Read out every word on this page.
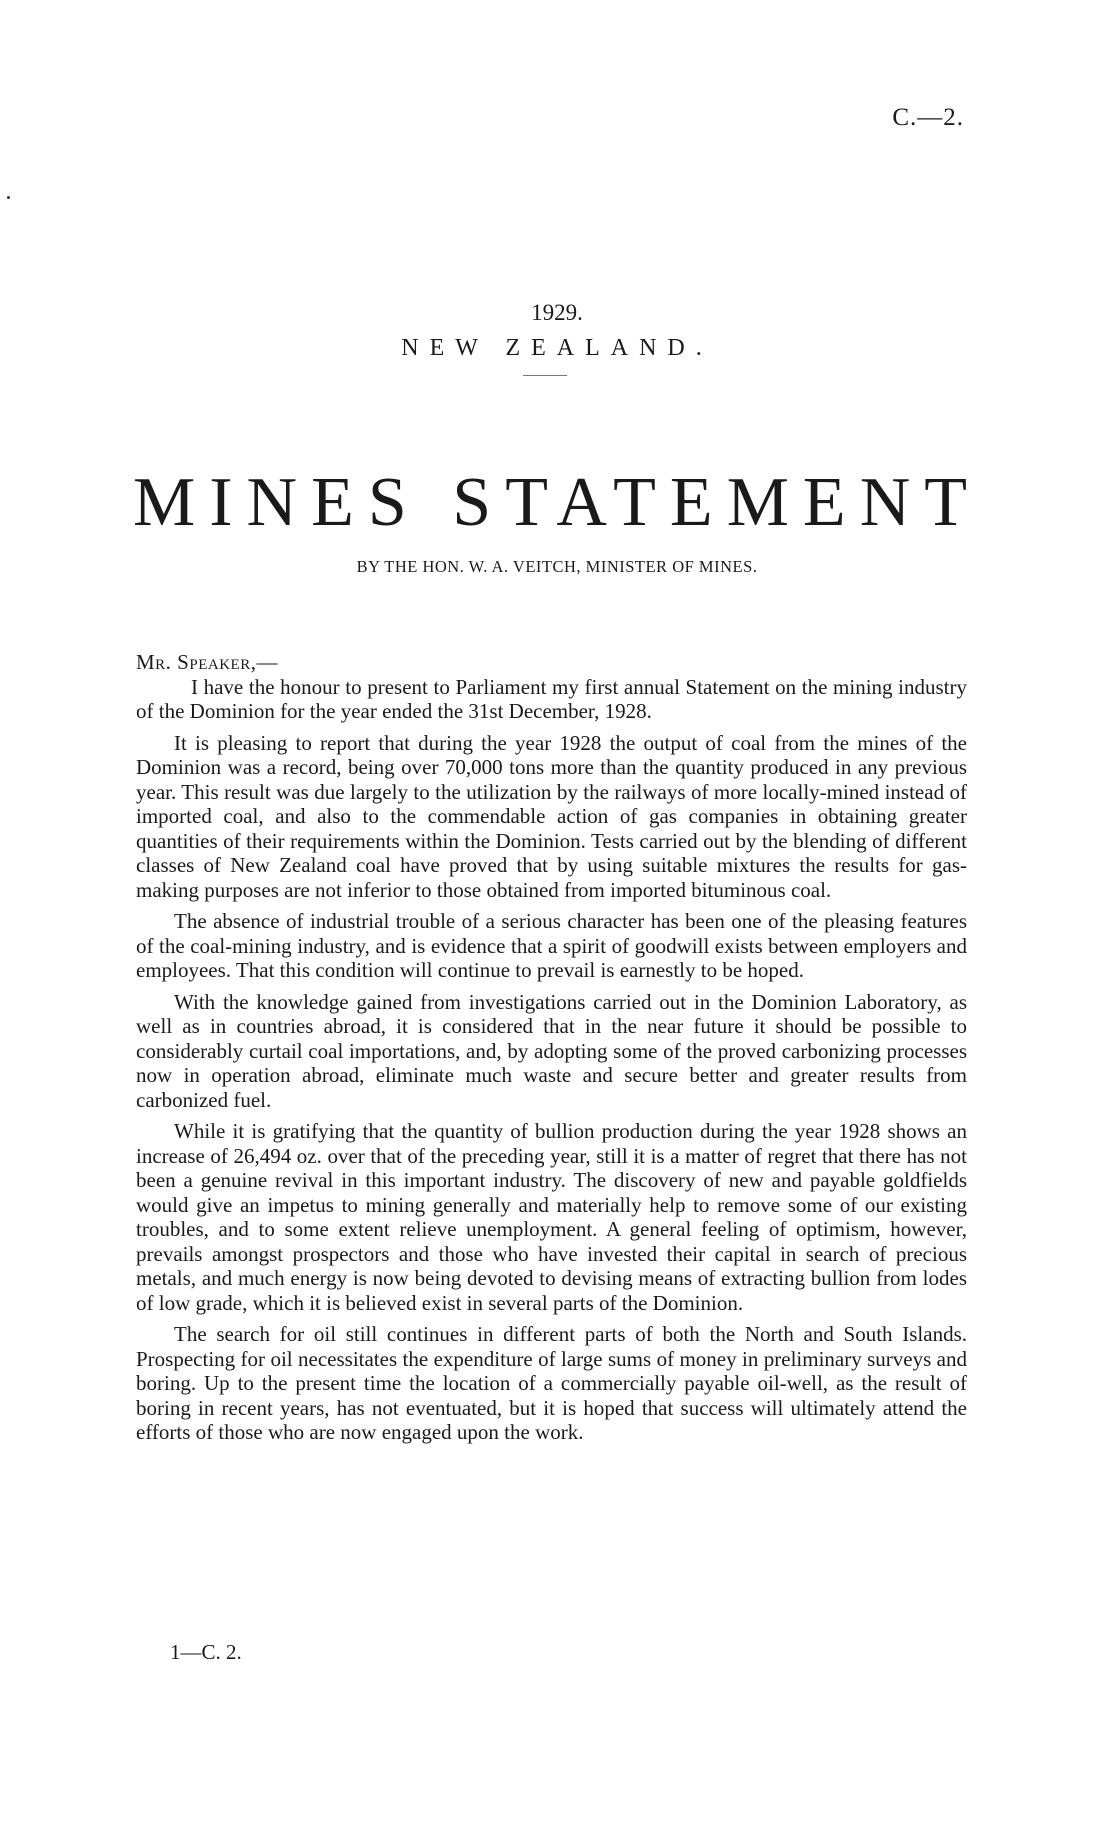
C.—2.
1929.
NEW ZEALAND.
MINES STATEMENT
BY THE HON. W. A. VEITCH, MINISTER OF MINES.

Mr. Speaker,—

I have the honour to present to Parliament my first annual Statement on the mining industry of the Dominion for the year ended the 31st December, 1928.

It is pleasing to report that during the year 1928 the output of coal from the mines of the Dominion was a record, being over 70,000 tons more than the quantity produced in any previous year. This result was due largely to the utilization by the railways of more locally-mined instead of imported coal, and also to the commendable action of gas companies in obtaining greater quantities of their requirements within the Dominion. Tests carried out by the blending of different classes of New Zealand coal have proved that by using suitable mixtures the results for gas-making purposes are not inferior to those obtained from imported bituminous coal.

The absence of industrial trouble of a serious character has been one of the pleasing features of the coal-mining industry, and is evidence that a spirit of goodwill exists between employers and employees. That this condition will continue to prevail is earnestly to be hoped.

With the knowledge gained from investigations carried out in the Dominion Laboratory, as well as in countries abroad, it is considered that in the near future it should be possible to considerably curtail coal importations, and, by adopting some of the proved carbonizing processes now in operation abroad, eliminate much waste and secure better and greater results from carbonized fuel.

While it is gratifying that the quantity of bullion production during the year 1928 shows an increase of 26,494 oz. over that of the preceding year, still it is a matter of regret that there has not been a genuine revival in this important industry. The discovery of new and payable goldfields would give an impetus to mining generally and materially help to remove some of our existing troubles, and to some extent relieve unemployment. A general feeling of optimism, however, prevails amongst prospectors and those who have invested their capital in search of precious metals, and much energy is now being devoted to devising means of extracting bullion from lodes of low grade, which it is believed exist in several parts of the Dominion.

The search for oil still continues in different parts of both the North and South Islands. Prospecting for oil necessitates the expenditure of large sums of money in preliminary surveys and boring. Up to the present time the location of a commercially payable oil-well, as the result of boring in recent years, has not eventuated, but it is hoped that success will ultimately attend the efforts of those who are now engaged upon the work.

1—C. 2.
